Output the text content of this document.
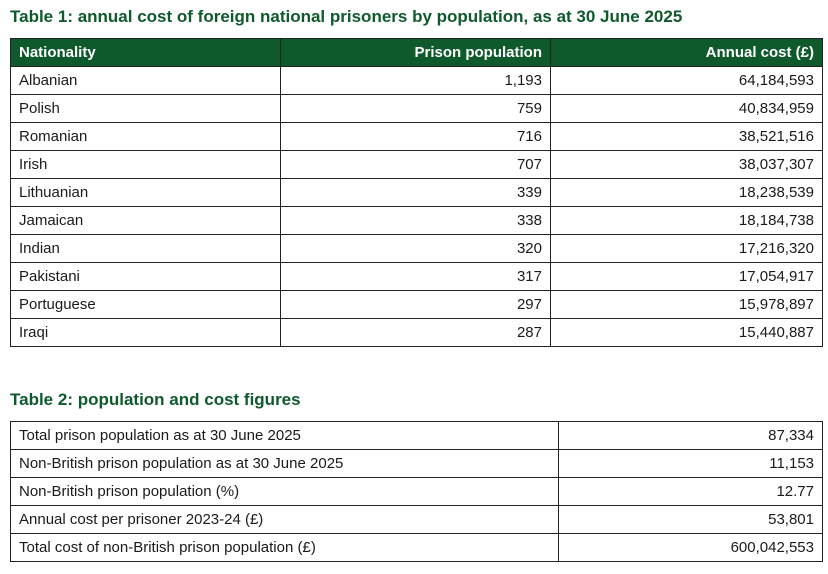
Table 1: annual cost of foreign national prisoners by population, as at 30 June 2025
Nationality	Prison population	Annual cost (£)
Albanian	1,193	64,184,593
Polish	759	40,834,959
Romanian	716	38,521,516
Irish	707	38,037,307
Lithuanian	339	18,238,539
Jamaican	338	18,184,738
Indian	320	17,216,320
Pakistani	317	17,054,917
Portuguese	297	15,978,897
Iraqi	287	15,440,887
Table 2: population and cost figures
Total prison population as at 30 June 2025	87,334
Non-British prison population as at 30 June 2025	11,153
Non-British prison population (%)	12.77
Annual cost per prisoner 2023-24 (£)	53,801
Total cost of non-British prison population (£)	600,042,553
